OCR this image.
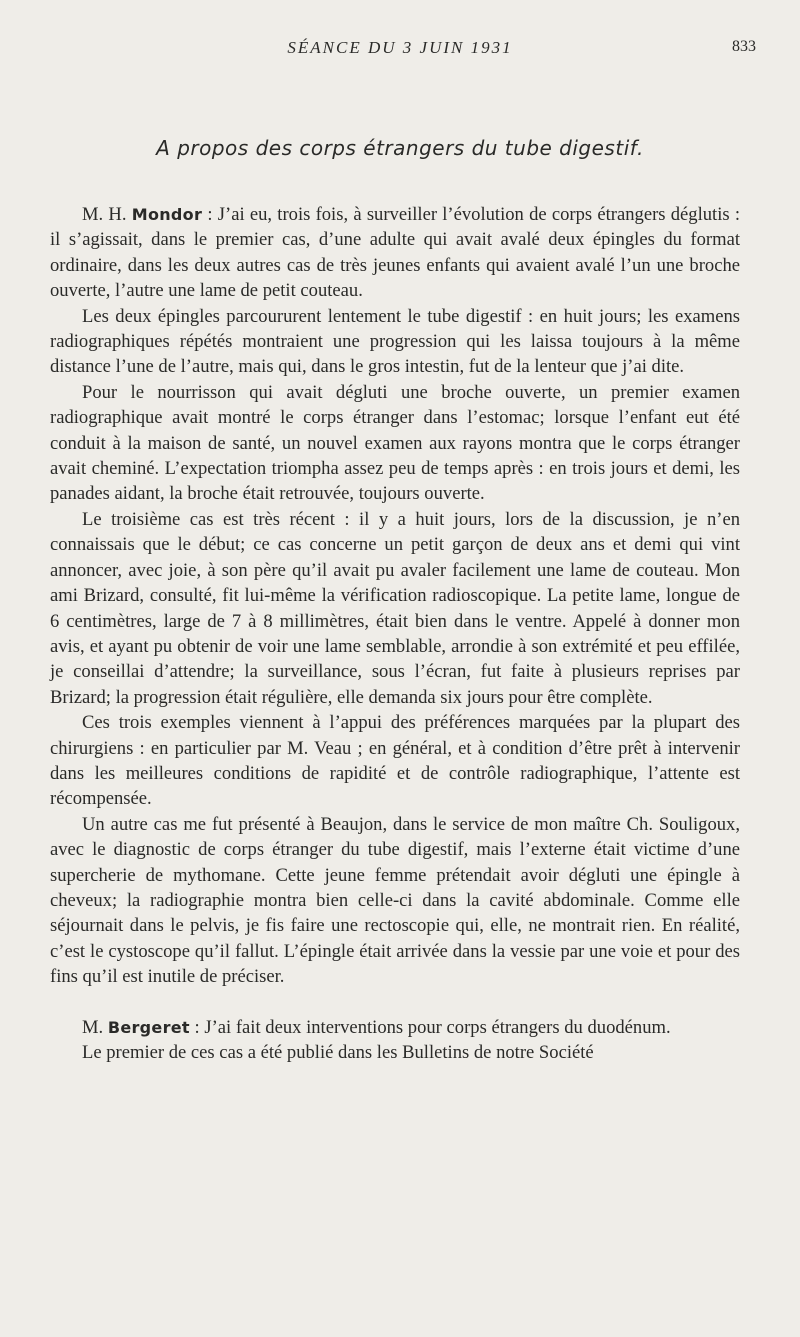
SÉANCE DU 3 JUIN 1931	833
A propos des corps étrangers du tube digestif.

M. H. Mondor : J’ai eu, trois fois, à surveiller l’évolution de corps étrangers déglutis : il s’agissait, dans le premier cas, d’une adulte qui avait avalé deux épingles du format ordinaire, dans les deux autres cas de très jeunes enfants qui avaient avalé l’un une broche ouverte, l’autre une lame de petit couteau.

Les deux épingles parcoururent lentement le tube digestif : en huit jours; les examens radiographiques répétés montraient une progression qui les laissa toujours à la même distance l’une de l’autre, mais qui, dans le gros intestin, fut de la lenteur que j’ai dite.

Pour le nourrisson qui avait dégluti une broche ouverte, un premier examen radiographique avait montré le corps étranger dans l’estomac; lorsque l’enfant eut été conduit à la maison de santé, un nouvel examen aux rayons montra que le corps étranger avait cheminé. L’expectation triompha assez peu de temps après : en trois jours et demi, les panades aidant, la broche était retrouvée, toujours ouverte.

Le troisième cas est très récent : il y a huit jours, lors de la discussion, je n’en connaissais que le début; ce cas concerne un petit garçon de deux ans et demi qui vint annoncer, avec joie, à son père qu’il avait pu avaler facilement une lame de couteau. Mon ami Brizard, consulté, fit lui-même la vérification radioscopique. La petite lame, longue de 6 centimètres, large de 7 à 8 millimètres, était bien dans le ventre. Appelé à donner mon avis, et ayant pu obtenir de voir une lame semblable, arrondie à son extrémité et peu effilée, je conseillai d’attendre; la surveillance, sous l’écran, fut faite à plusieurs reprises par Brizard; la progression était régulière, elle demanda six jours pour être complète.

Ces trois exemples viennent à l’appui des préférences marquées par la plupart des chirurgiens : en particulier par M. Veau ; en général, et à condition d’être prêt à intervenir dans les meilleures conditions de rapidité et de contrôle radiographique, l’attente est récompensée.

Un autre cas me fut présenté à Beaujon, dans le service de mon maître Ch. Souligoux, avec le diagnostic de corps étranger du tube digestif, mais l’externe était victime d’une supercherie de mythomane. Cette jeune femme prétendait avoir dégluti une épingle à cheveux; la radiographie montra bien celle-ci dans la cavité abdominale. Comme elle séjournait dans le pelvis, je fis faire une rectoscopie qui, elle, ne montrait rien. En réalité, c’est le cystoscope qu’il fallut. L’épingle était arrivée dans la vessie par une voie et pour des fins qu’il est inutile de préciser.

M. Bergeret : J’ai fait deux interventions pour corps étrangers du duodénum.

Le premier de ces cas a été publié dans les Bulletins de notre Société
